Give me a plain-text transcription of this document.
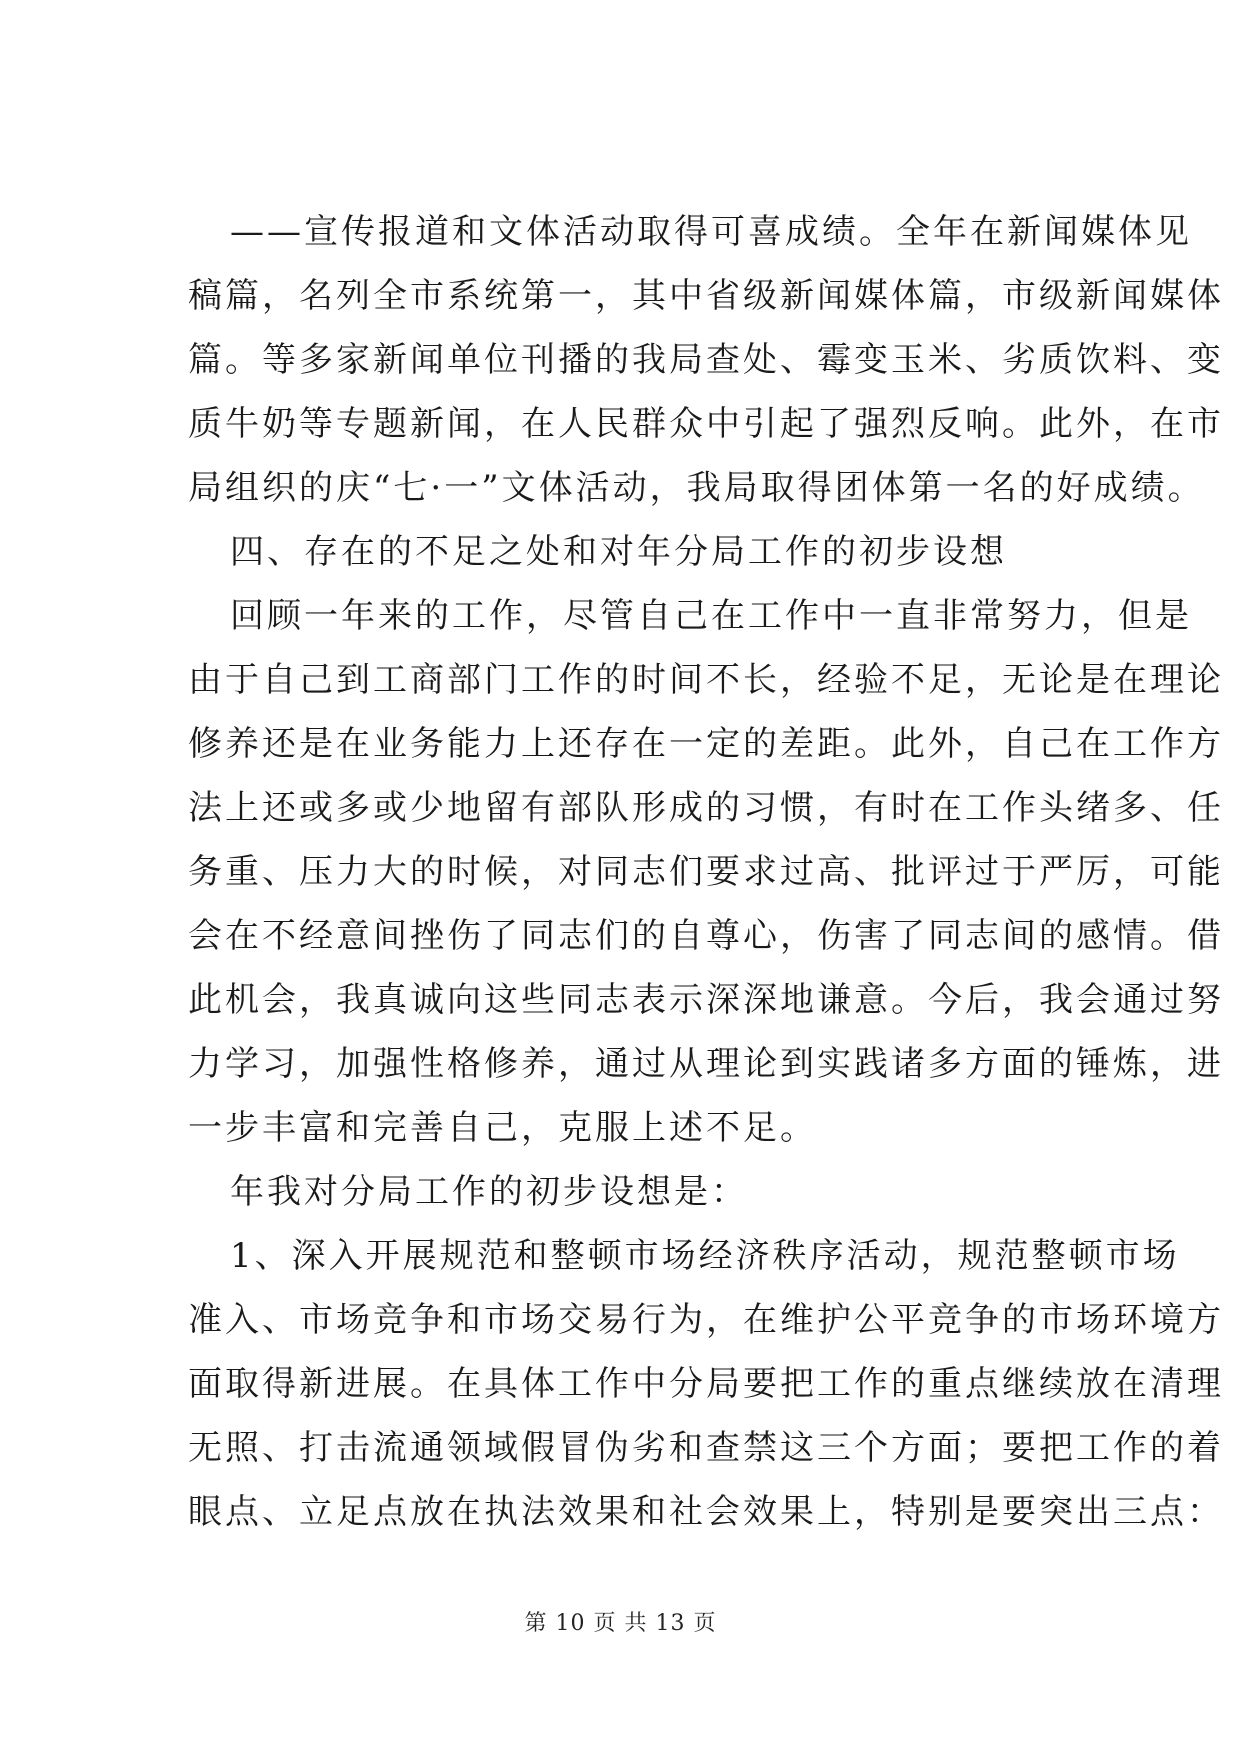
——宣传报道和文体活动取得可喜成绩。全年在新闻媒体见
稿篇，名列全市系统第一，其中省级新闻媒体篇，市级新闻媒体
篇。等多家新闻单位刊播的我局查处、霉变玉米、劣质饮料、变
质牛奶等专题新闻，在人民群众中引起了强烈反响。此外，在市
局组织的庆“七·一”文体活动，我局取得团体第一名的好成绩。
四、存在的不足之处和对年分局工作的初步设想
回顾一年来的工作，尽管自己在工作中一直非常努力，但是
由于自己到工商部门工作的时间不长，经验不足，无论是在理论
修养还是在业务能力上还存在一定的差距。此外，自己在工作方
法上还或多或少地留有部队形成的习惯，有时在工作头绪多、任
务重、压力大的时候，对同志们要求过高、批评过于严厉，可能
会在不经意间挫伤了同志们的自尊心，伤害了同志间的感情。借
此机会，我真诚向这些同志表示深深地谦意。今后，我会通过努
力学习，加强性格修养，通过从理论到实践诸多方面的锤炼，进
一步丰富和完善自己，克服上述不足。
年我对分局工作的初步设想是：
1、深入开展规范和整顿市场经济秩序活动，规范整顿市场
准入、市场竞争和市场交易行为，在维护公平竞争的市场环境方
面取得新进展。在具体工作中分局要把工作的重点继续放在清理
无照、打击流通领域假冒伪劣和查禁这三个方面；要把工作的着
眼点、立足点放在执法效果和社会效果上，特别是要突出三点：
第 10 页 共 13 页
